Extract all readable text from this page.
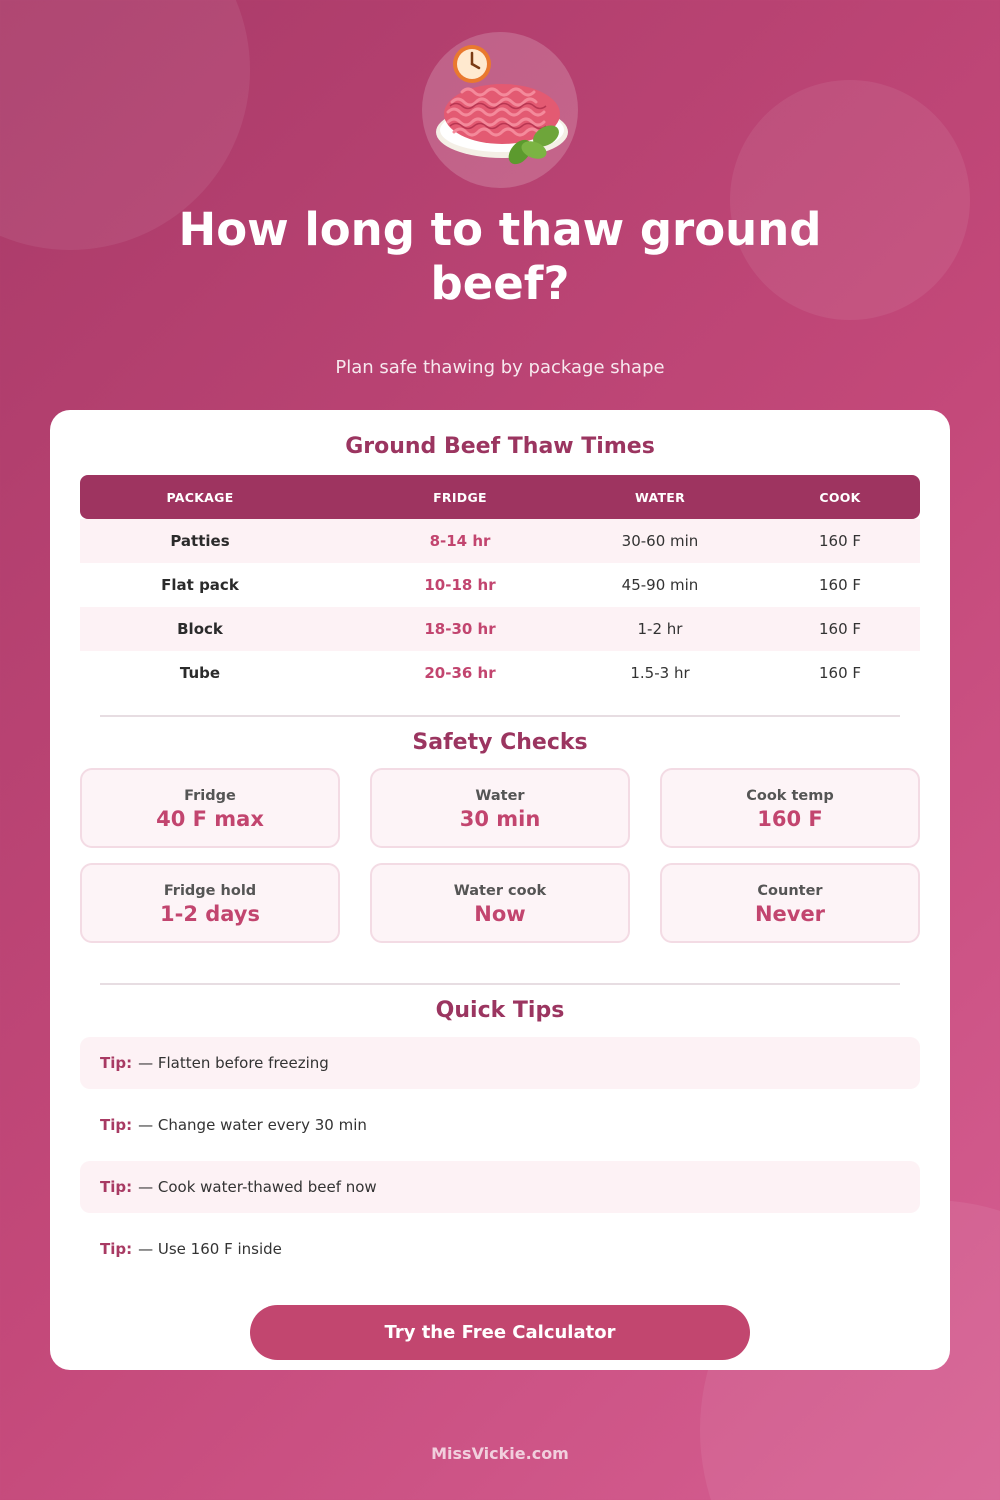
How long to thaw ground beef?
Plan safe thawing by package shape
Ground Beef Thaw Times
PACKAGE	FRIDGE	WATER	COOK
Patties	8-14 hr	30-60 min	160 F
Flat pack	10-18 hr	45-90 min	160 F
Block	18-30 hr	1-2 hr	160 F
Tube	20-36 hr	1.5-3 hr	160 F
Safety Checks
Fridge
40 F max
Water
30 min
Cook temp
160 F
Fridge hold
1-2 days
Water cook
Now
Counter
Never
Quick Tips
Tip: — Flatten before freezing
Tip: — Change water every 30 min
Tip: — Cook water-thawed beef now
Tip: — Use 160 F inside
Try the Free Calculator
MissVickie.com
